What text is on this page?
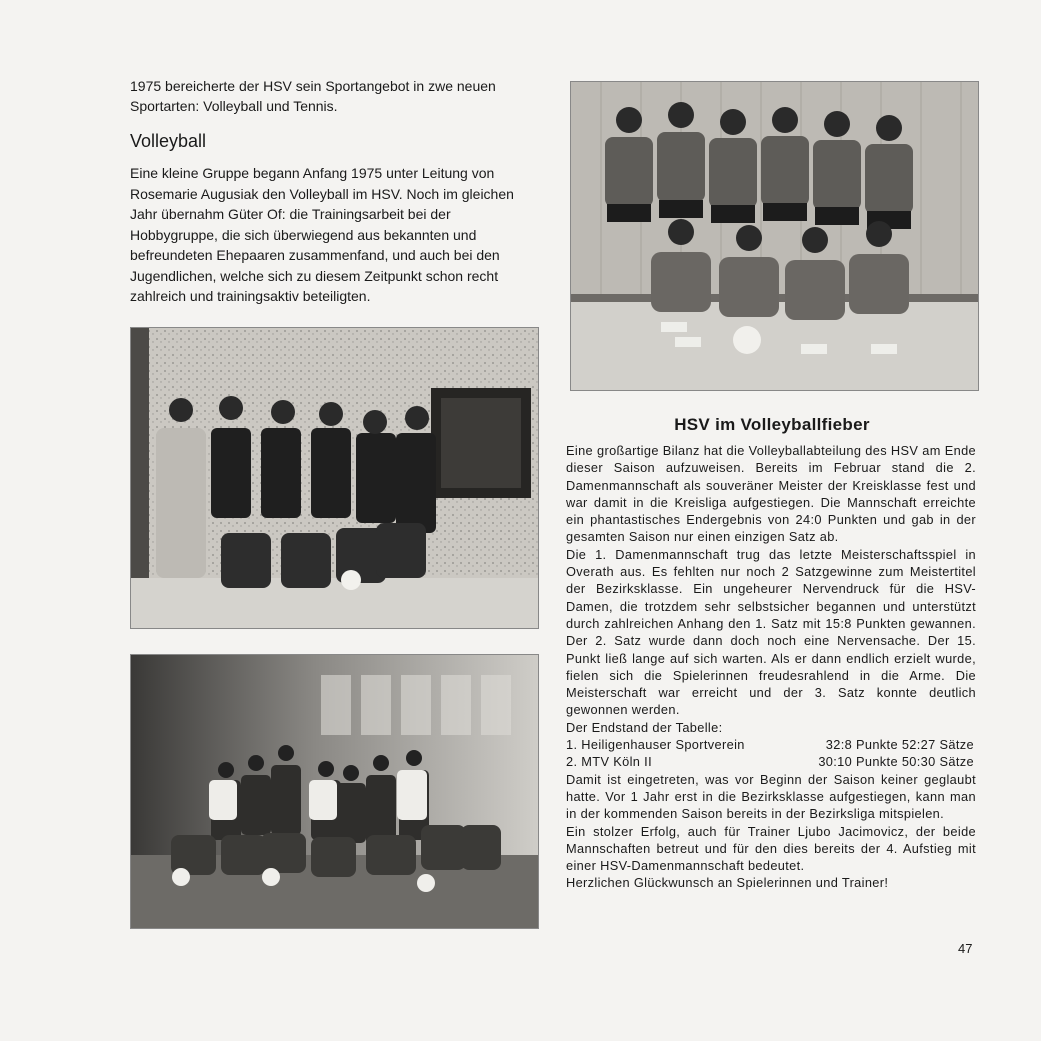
1975 bereicherte der HSV sein Sportangebot in zwe neuen Sportarten: Volleyball und Tennis.

Volleyball

Eine kleine Gruppe begann Anfang 1975 unter Leitung von Rosemarie Augusiak den Volleyball im HSV. Noch im gleichen Jahr übernahm Güter Of: die Trainingsarbeit bei der Hobbygruppe, die sich überwiegend aus bekannten und befreundeten Ehepaaren zusammenfand, und auch bei den Jugendlichen, welche sich zu diesem Zeitpunkt schon recht zahlreich und trainingsaktiv beteiligten.

HSV im Volleyballfieber

Eine großartige Bilanz hat die Volleyballabteilung des HSV am Ende dieser Saison aufzuweisen. Bereits im Februar stand die 2. Damenmannschaft als souveräner Meister der Kreisklasse fest und war damit in die Kreisliga aufgestiegen. Die Mannschaft erreichte ein phantastisches Endergebnis von 24:0 Punkten und gab in der gesamten Saison nur einen einzigen Satz ab.

Die 1. Damenmannschaft trug das letzte Meisterschaftsspiel in Overath aus. Es fehlten nur noch 2 Satzgewinne zum Meistertitel der Bezirksklasse. Ein ungeheurer Nervendruck für die HSV-Damen, die trotzdem sehr selbstsicher begannen und unterstützt durch zahlreichen Anhang den 1. Satz mit 15:8 Punkten gewannen. Der 2. Satz wurde dann doch noch eine Nervensache. Der 15. Punkt ließ lange auf sich warten. Als er dann endlich erzielt wurde, fielen sich die Spielerinnen freudesrahlend in die Arme. Die Meisterschaft war erreicht und der 3. Satz konnte deutlich gewonnen werden.

Der Endstand der Tabelle:

1. Heiligenhauser Sportverein	32:8 Punkte 52:27 Sätze
2. MTV Köln II	30:10 Punkte 50:30 Sätze

Damit ist eingetreten, was vor Beginn der Saison keiner geglaubt hatte. Vor 1 Jahr erst in die Bezirksklasse aufgestiegen, kann man in der kommenden Saison bereits in der Bezirksliga mitspielen.

Ein stolzer Erfolg, auch für Trainer Ljubo Jacimovicz, der beide Mannschaften betreut und für den dies bereits der 4. Aufstieg mit einer HSV-Damenmannschaft bedeutet.

Herzlichen Glückwunsch an Spielerinnen und Trainer!

47
